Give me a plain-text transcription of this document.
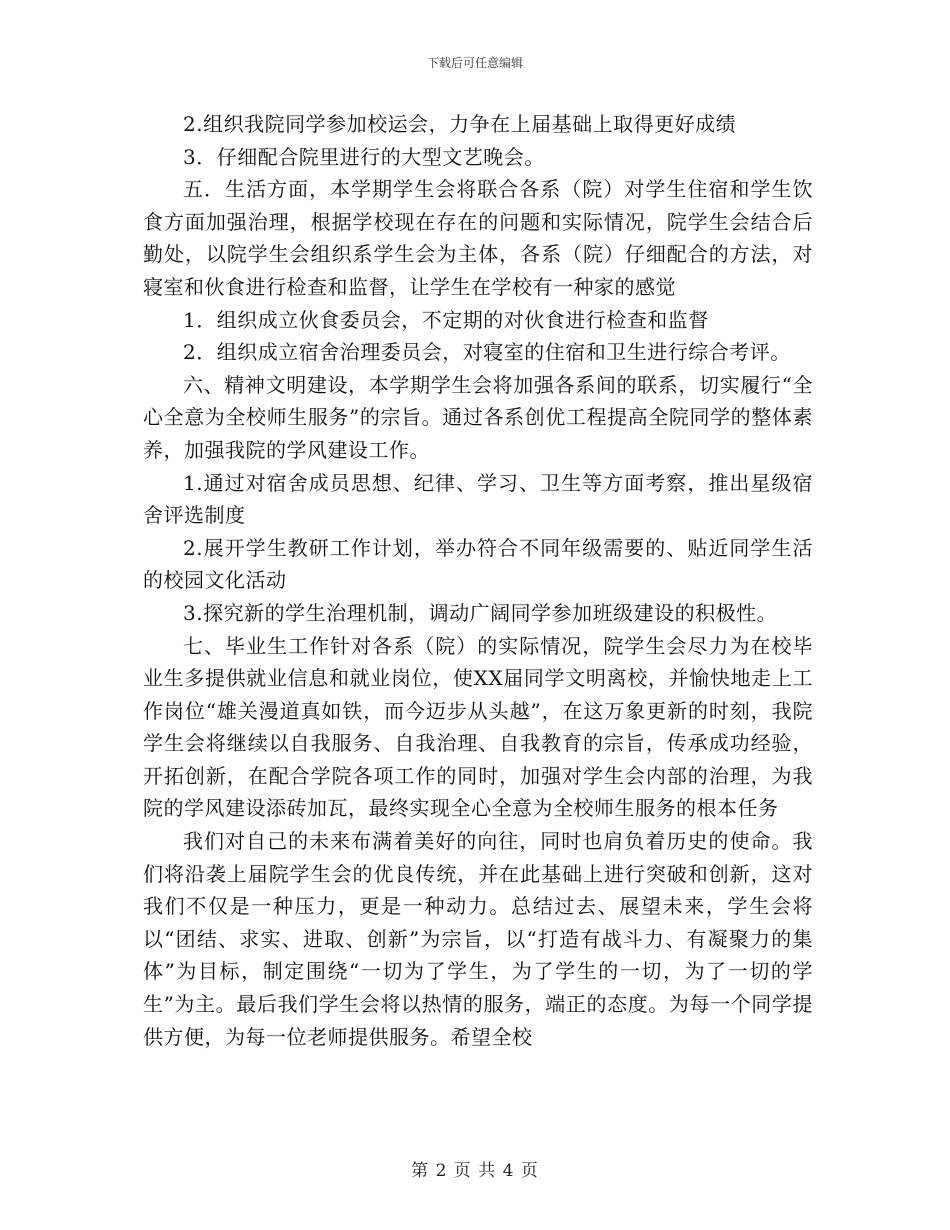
下载后可任意编辑

2.组织我院同学参加校运会，力争在上届基础上取得更好成绩

3．仔细配合院里进行的大型文艺晚会。

五．生活方面，本学期学生会将联合各系（院）对学生住宿和学生饮食方面加强治理，根据学校现在存在的问题和实际情况，院学生会结合后勤处，以院学生会组织系学生会为主体，各系（院）仔细配合的方法，对寝室和伙食进行检查和监督，让学生在学校有一种家的感觉

1．组织成立伙食委员会，不定期的对伙食进行检查和监督

2．组织成立宿舍治理委员会，对寝室的住宿和卫生进行综合考评。

六、精神文明建设，本学期学生会将加强各系间的联系，切实履行“全心全意为全校师生服务”的宗旨。通过各系创优工程提高全院同学的整体素养，加强我院的学风建设工作。

1.通过对宿舍成员思想、纪律、学习、卫生等方面考察，推出星级宿舍评选制度

2.展开学生教研工作计划，举办符合不同年级需要的、贴近同学生活的校园文化活动

3.探究新的学生治理机制，调动广阔同学参加班级建设的积极性。

七、毕业生工作针对各系（院）的实际情况，院学生会尽力为在校毕业生多提供就业信息和就业岗位，使XX届同学文明离校，并愉快地走上工作岗位“雄关漫道真如铁，而今迈步从头越”，在这万象更新的时刻，我院学生会将继续以自我服务、自我治理、自我教育的宗旨，传承成功经验，开拓创新，在配合学院各项工作的同时，加强对学生会内部的治理，为我院的学风建设添砖加瓦，最终实现全心全意为全校师生服务的根本任务

我们对自己的未来布满着美好的向往，同时也肩负着历史的使命。我们将沿袭上届院学生会的优良传统，并在此基础上进行突破和创新，这对我们不仅是一种压力，更是一种动力。总结过去、展望未来，学生会将以“团结、求实、进取、创新”为宗旨，以“打造有战斗力、有凝聚力的集体”为目标，制定围绕“一切为了学生，为了学生的一切，为了一切的学生”为主。最后我们学生会将以热情的服务，端正的态度。为每一个同学提供方便，为每一位老师提供服务。希望全校

第 2 页 共 4 页
